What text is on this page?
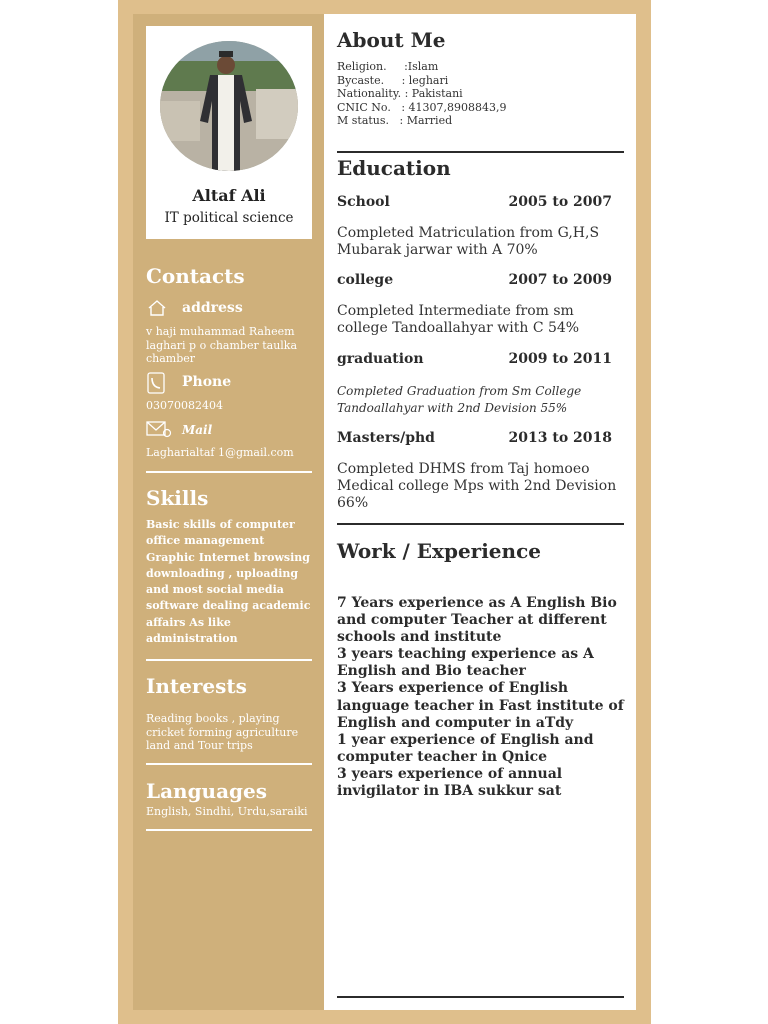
Altaf Ali
IT political science
Contacts
address
v haji muhammad Raheem laghari p o chamber taulka chamber
Phone
03070082404
Mail
Lagharialtaf 1@gmail.com
Skills
Basic skills of computer office management Graphic Internet browsing downloading , uploading and most social media software dealing academic affairs As like administration
Interests
Reading books , playing cricket forming agriculture land and Tour trips
Languages
English, Sindhi, Urdu,saraiki
About Me
Religion.     :Islam
Bycaste.     : leghari
Nationality. : Pakistani
CNIC No.   : 41307,8908843,9
M status.   : Married
Education
School	2005 to 2007
Completed Matriculation from G,H,S Mubarak jarwar with A 70%
college	2007 to 2009
Completed Intermediate from sm college Tandoallahyar with C 54%
graduation	2009 to 2011
Completed Graduation from Sm College Tandoallahyar with 2nd Devision 55%
Masters/phd	2013 to 2018
Completed DHMS from Taj homoeo Medical college Mps with 2nd Devision 66%
Work / Experience
7 Years experience as A English Bio and computer Teacher at different schools and institute
3 years teaching experience as A English and Bio teacher
3 Years experience of English language teacher in Fast institute of English and computer in aTdy
1 year experience of English and computer teacher in Qnice
3 years experience of annual invigilator in IBA sukkur sat
